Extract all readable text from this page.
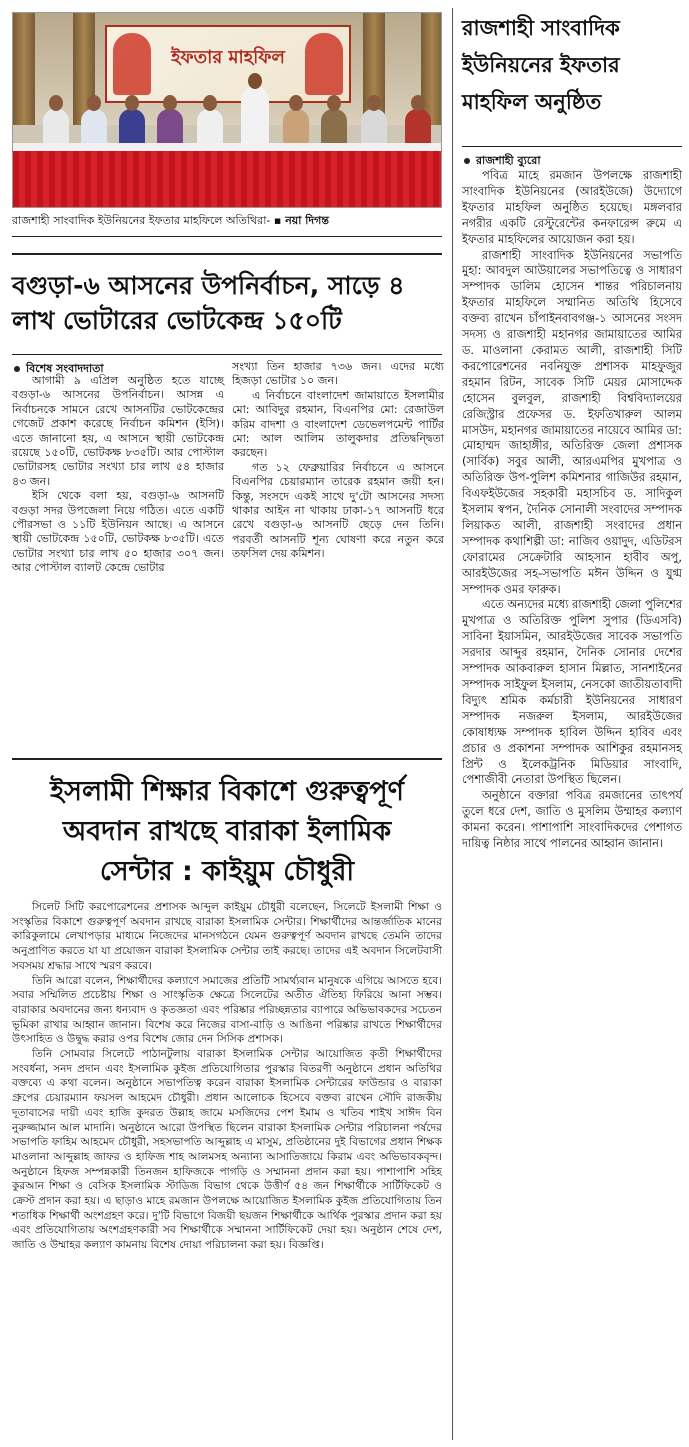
ইফতার মাহফিল
রাজশাহী সাংবাদিক ইউনিয়নের ইফতার মাহফিলে অতিথিরা- ▪ নয়া দিগন্ত
বগুড়া-৬ আসনের উপনির্বাচন, সাড়ে ৪ লাখ ভোটারের ভোটকেন্দ্র ১৫০টি
বিশেষ সংবাদদাতা

আগামী ৯ এপ্রিল অনুষ্ঠিত হতে যাচ্ছে বগুড়া-৬ আসনের উপনির্বাচন। আসন্ন এ নির্বাচনকে সামনে রেখে আসনটির ভোটকেন্দ্রের গেজেট প্রকাশ করেছে নির্বাচন কমিশন (ইসি)। এতে জানানো হয়, এ আসনে স্থায়ী ভোটকেন্দ্র রয়েছে ১৫০টি, ভোটকক্ষ ৮৩৫টি। আর পোস্টাল ভোটারসহ ভোটার সংখ্যা চার লাখ ৫৪ হাজার ৪৩ জন।

ইসি থেকে বলা হয়, বগুড়া-৬ আসনটি বগুড়া সদর উপজেলা নিয়ে গঠিত। এতে একটি পৌরসভা ও ১১টি ইউনিয়ন আছে। এ আসনে স্থায়ী ভোটকেন্দ্র ১৫০টি, ভোটকক্ষ ৮৩৫টি। এতে ভোটার সংখ্যা চার লাখ ৫০ হাজার ৩০৭ জন। আর পোস্টাল ব্যালট কেন্দ্রে ভোটার

সংখ্যা তিন হাজার ৭৩৬ জন। এদের মধ্যে হিজড়া ভোটার ১০ জন।

এ নির্বাচনে বাংলাদেশ জামায়াতে ইসলামীর মো: আবিদুর রহমান, বিএনপির মো: রেজাউল করিম বাদশা ও বাংলাদেশ ডেভেলপমেন্ট পার্টির মো: আল আলিম তালুকদার প্রতিদ্বন্দ্বিতা করছেন।

গত ১২ ফেব্রুয়ারির নির্বাচনে এ আসনে বিএনপির চেয়ারম্যান তারেক রহমান জয়ী হন। কিন্তু, সংসদে একই সাথে দু'টো আসনের সদস্য থাকার আইন না থাকায় ঢাকা-১৭ আসনটি ধরে রেখে বগুড়া-৬ আসনটি ছেড়ে দেন তিনি। পরবর্তী আসনটি শূন্য ঘোষণা করে নতুন করে তফসিল দেয় কমিশন।

ইসলামী শিক্ষার বিকাশে গুরুত্বপূর্ণ
অবদান রাখছে বারাকা ইলামিক
সেন্টার : কাইয়ুম চৌধুরী

সিলেট সিটি করপোরেশনের প্রশাসক আব্দুল কাইয়ুম চৌধুরী বলেছেন, সিলেটে ইসলামী শিক্ষা ও সংস্কৃতির বিকাশে গুরুত্বপূর্ণ অবদান রাখছে বারাকা ইসলামিক সেন্টার। শিক্ষার্থীদের আন্তর্জাতিক মানের কারিকুলামে লেখাপড়ার মাধ্যমে নিজেদের মানসগঠনে যেমন গুরুত্বপূর্ণ অবদান রাখছে তেমনি তাদের অনুপ্রাণিত করতে যা যা প্রয়োজন বারাকা ইসলামিক সেন্টার তাই করছে। তাদের এই অবদান সিলেটবাসী সবসময় শ্রদ্ধার সাথে স্মরণ করবে।

তিনি আরো বলেন, শিক্ষার্থীদের কল্যাণে সমাজের প্রতিটি সামর্থ্যবান মানুষকে এগিয়ে আসতে হবে। সবার সম্মিলিত প্রচেষ্টায় শিক্ষা ও সাংস্কৃতিক ক্ষেত্রে সিলেটের অতীত ঐতিহ্য ফিরিয়ে আনা সম্ভব। বারাকার অবদানের জন্য ধন্যবাদ ও কৃতজ্ঞতা এবং পরিষ্কার পরিচ্ছন্নতার ব্যাপারে অভিভাবকদের সচেতন ভূমিকা রাখার আহ্বান জানান। বিশেষ করে নিজের বাসা-বাড়ি ও আঙিনা পরিষ্কার রাখতে শিক্ষার্থীদের উৎসাহিত ও উদ্বুদ্ধ করার ওপর বিশেষ জোর দেন সিসিক প্রশাসক।

তিনি সোমবার সিলেটে পাঠানটুলায় বারাকা ইসলামিক সেন্টার আয়োজিত কৃতী শিক্ষার্থীদের সংবর্ধনা, সনদ প্রদান এবং ইসলামিক কুইজ প্রতিযোগিতার পুরস্কার বিতরণী অনুষ্ঠানে প্রধান অতিথির বক্তব্যে এ কথা বলেন। অনুষ্ঠানে সভাপতিত্ব করেন বারাকা ইসলামিক সেন্টারের ফাউন্ডার ও বারাকা গ্রুপের চেয়ারম্যান ফয়সল আহমেদ চৌধুরী। প্রধান আলোচক হিসেবে বক্তব্য রাখেন সৌদি রাজকীয় দূতাবাসের দায়ী এবং হাজি কুদরত উল্লাহ জামে মসজিদের পেশ ইমাম ও খতিব শাইখ সাঈদ বিন নুরুজ্জামান আল মাদানি। অনুষ্ঠানে আরো উপস্থিত ছিলেন বারাকা ইসলামিক সেন্টার পরিচালনা পর্ষদের সভাপতি ফাহিম আহমেদ চৌধুরী, সহসভাপতি আব্দুল্লাহ এ মাসুম, প্রতিষ্ঠানের দুই বিভাগের প্রধান শিক্ষক মাওলানা আব্দুল্লাহ জাফর ও হাফিজ শাহ আলমসহ অন্যান্য আসাতিজায়ে কিরাম এবং অভিভাবকবৃন্দ। অনুষ্ঠানে হিফজ সম্পন্নকারী তিনজন হাফিজকে পাগড়ি ও সম্মাননা প্রদান করা হয়। পাশাপাশি সহিহ কুরআন শিক্ষা ও বেসিক ইসলামিক স্টাডিজ বিভাগ থেকে উত্তীর্ণ ৫৪ জন শিক্ষার্থীকে সার্টিফিকেট ও ক্রেস্ট প্রদান করা হয়। এ ছাড়াও মাহে রমজান উপলক্ষে আয়োজিত ইসলামিক কুইজ প্রতিযোগিতায় তিন শতাধিক শিক্ষার্থী অংশগ্রহণ করে। দু'টি বিভাগে বিজয়ী ছয়জন শিক্ষার্থীকে আর্থিক পুরস্কার প্রদান করা হয় এবং প্রতিযোগিতায় অংশগ্রহণকারী সব শিক্ষার্থীকে সম্মাননা সার্টিফিকেট দেয়া হয়। অনুষ্ঠান শেষে দেশ, জাতি ও উম্মাহর কল্যাণ কামনায় বিশেষ দোয়া পরিচালনা করা হয়। বিজ্ঞপ্তি।

রাজশাহী সাংবাদিক
ইউনিয়নের ইফতার
মাহফিল অনুষ্ঠিত
রাজশাহী ব্যুরো

পবিত্র মাহে রমজান উপলক্ষে রাজশাহী সাংবাদিক ইউনিয়নের (আরইউজে) উদ্যোগে ইফতার মাহফিল অনুষ্ঠিত হয়েছে। মঙ্গলবার নগরীর একটি রেস্টুরেন্টের কনফারেন্স রুমে এ ইফতার মাহফিলের আয়োজন করা হয়।

রাজশাহী সাংবাদিক ইউনিয়নের সভাপতি মুহা: আবদুল আউয়ালের সভাপতিত্বে ও সাধারণ সম্পাদক ডালিম হোসেন শান্তর পরিচালনায় ইফতার মাহফিলে সম্মানিত অতিথি হিসেবে বক্তব্য রাখেন চাঁপাইনবাবগঞ্জ-১ আসনের সংসদ সদস্য ও রাজশাহী মহানগর জামায়াতের আমির ড. মাওলানা কেরামত আলী, রাজশাহী সিটি করপোরেশনের নবনিযুক্ত প্রশাসক মাহফুজুর রহমান রিটন, সাবেক সিটি মেয়র মোসাদ্দেক হোসেন বুলবুল, রাজশাহী বিশ্ববিদ্যালয়ের রেজিস্ট্রার প্রফেসর ড. ইফতিখারুল আলম মাসউদ, মহানগর জামায়াতের নায়েবে আমির ডা: মোহাম্মদ জাহাঙ্গীর, অতিরিক্ত জেলা প্রশাসক (সার্বিক) সবুর আলী, আরএমপির মুখপাত্র ও অতিরিক্ত উপ-পুলিশ কমিশনার গাজিউর রহমান, বিএফইউজের সহকারী মহাসচিব ড. সাদিকুল ইসলাম স্বপন, দৈনিক সোনালী সংবাদের সম্পাদক লিয়াকত আলী, রাজশাহী সংবাদের প্রধান সম্পাদক কথাশিল্পী ডা: নাজিব ওয়াদুদ, এডিটরস ফোরামের সেক্রেটারি আহসান হাবীব অপু, আরইউজের সহ-সভাপতি মঈন উদ্দিন ও যুগ্ম সম্পাদক ওমর ফারুক।

এতে অন্যদের মধ্যে রাজশাহী জেলা পুলিশের মুখপাত্র ও অতিরিক্ত পুলিশ সুপার (ডিএসবি) সাবিনা ইয়াসমিন, আরইউজের সাবেক সভাপতি সরদার আব্দুর রহমান, দৈনিক সোনার দেশের সম্পাদক আকবারুল হাসান মিল্লাত, সানশাইনের সম্পাদক সাইফুল ইসলাম, নেসকো জাতীয়তাবাদী বিদ্যুৎ শ্রমিক কর্মচারী ইউনিয়নের সাধারণ সম্পাদক নজরুল ইসলাম, আরইউজের কোষাধ্যক্ষ সম্পাদক হাবিল উদ্দিন হাবিব এবং প্রচার ও প্রকাশনা সম্পাদক আশিকুর রহমানসহ প্রিন্ট ও ইলেকট্রনিক মিডিয়ার সাংবাদি, পেশাজীবী নেতারা উপস্থিত ছিলেন।

অনুষ্ঠানে বক্তারা পবিত্র রমজানের তাৎপর্য তুলে ধরে দেশ, জাতি ও মুসলিম উম্মাহর কল্যাণ কামনা করেন। পাশাপাশি সাংবাদিকদের পেশাগত দায়িত্ব নিষ্ঠার সাথে পালনের আহ্বান জানান।
